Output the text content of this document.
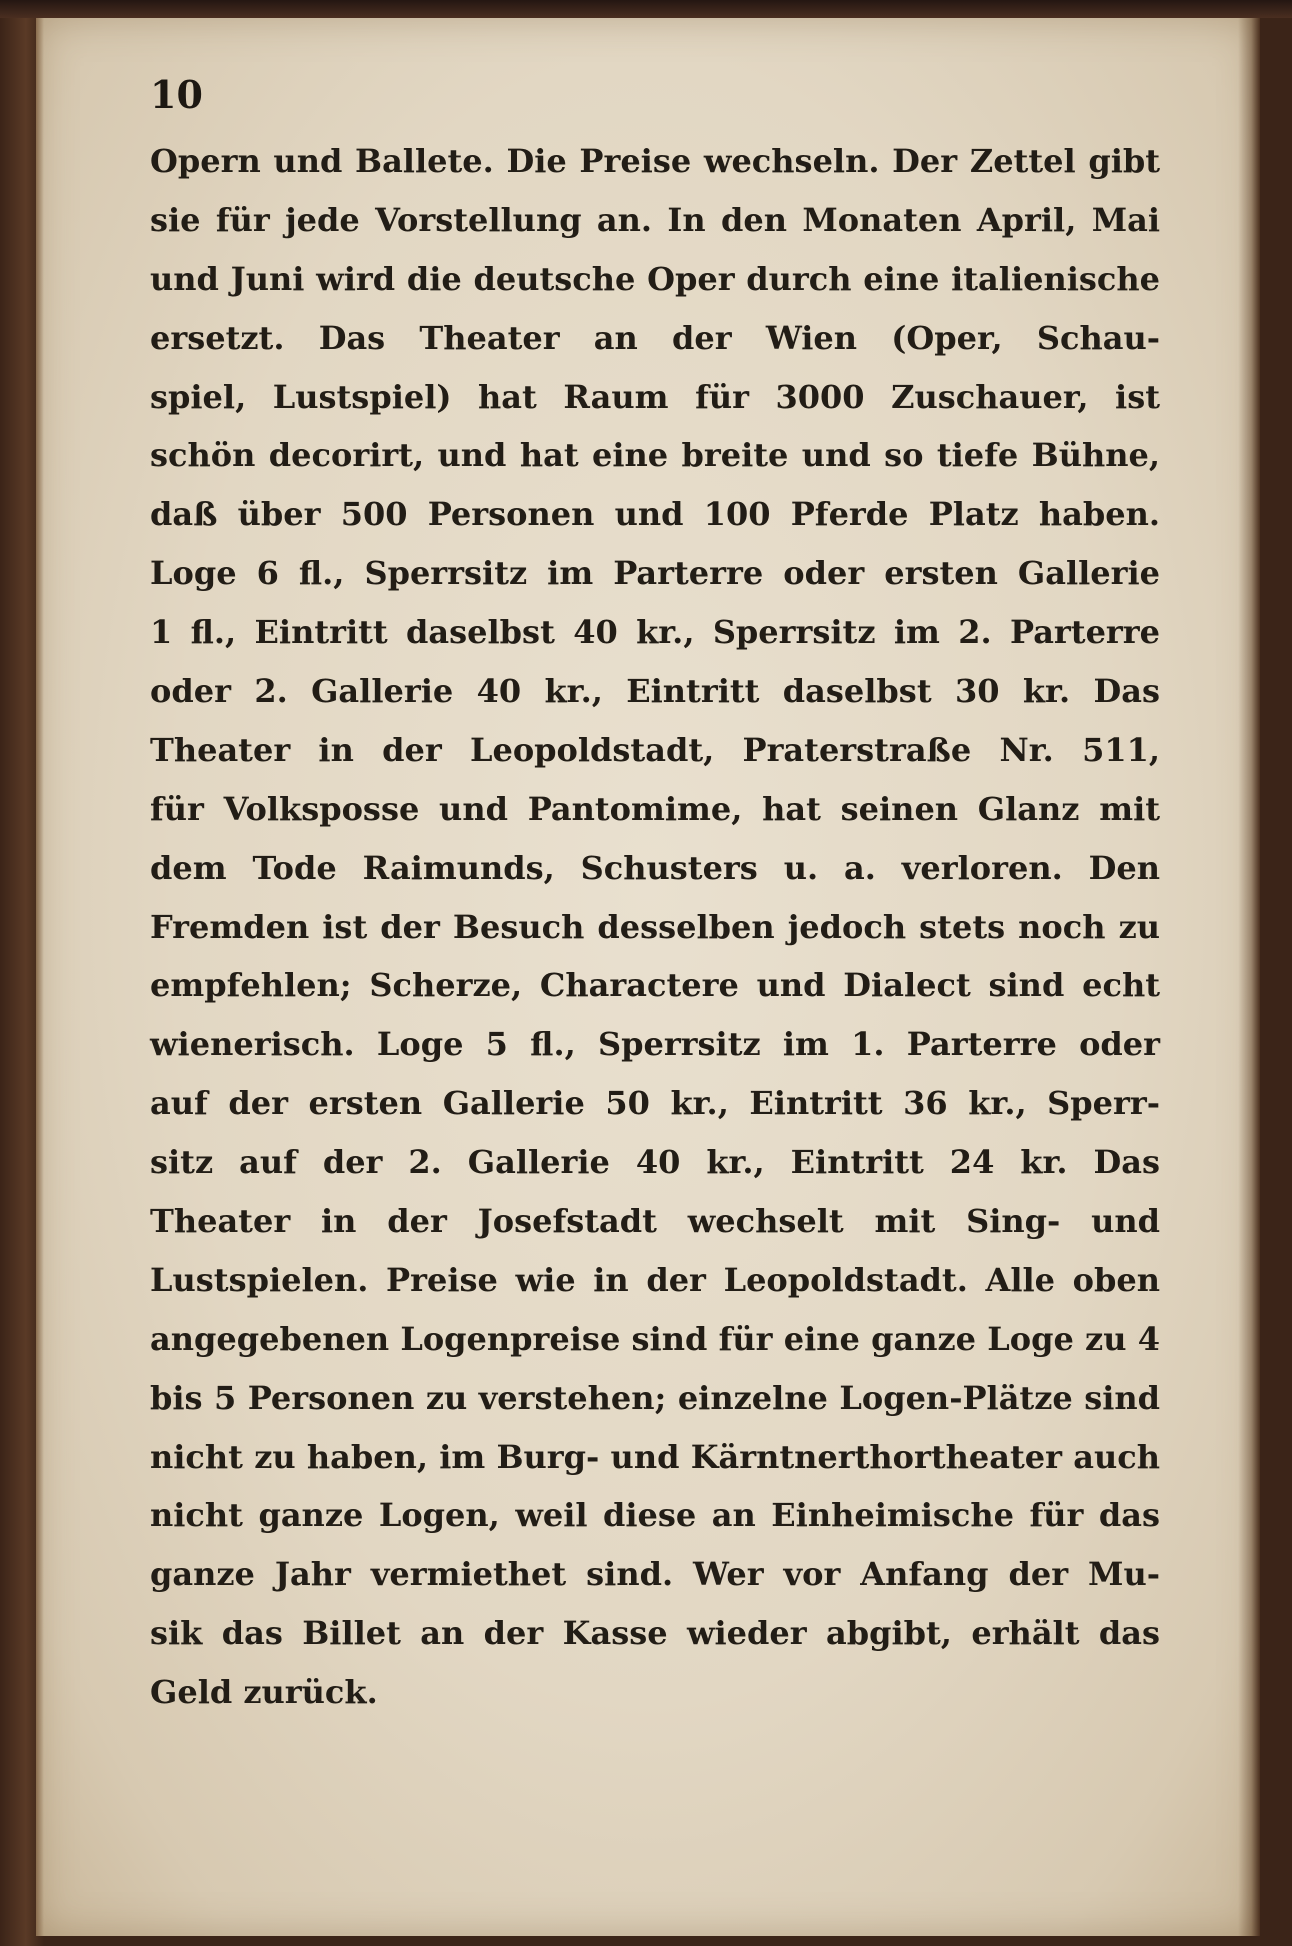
10
Opern und Ballete. Die Preise wechseln. Der Zettel gibt
sie für jede Vorstellung an. In den Monaten April, Mai
und Juni wird die deutsche Oper durch eine italienische
ersetzt. Das Theater an der Wien (Oper, Schau-
spiel, Lustspiel) hat Raum für 3000 Zuschauer, ist
schön decorirt, und hat eine breite und so tiefe Bühne,
daß über 500 Personen und 100 Pferde Platz haben.
Loge 6 fl., Sperrsitz im Parterre oder ersten Gallerie
1 fl., Eintritt daselbst 40 kr., Sperrsitz im 2. Parterre
oder 2. Gallerie 40 kr., Eintritt daselbst 30 kr. Das
Theater in der Leopoldstadt, Praterstraße Nr. 511,
für Volksposse und Pantomime, hat seinen Glanz mit
dem Tode Raimunds, Schusters u. a. verloren. Den
Fremden ist der Besuch desselben jedoch stets noch zu
empfehlen; Scherze, Charactere und Dialect sind echt
wienerisch. Loge 5 fl., Sperrsitz im 1. Parterre oder
auf der ersten Gallerie 50 kr., Eintritt 36 kr., Sperr-
sitz auf der 2. Gallerie 40 kr., Eintritt 24 kr. Das
Theater in der Josefstadt wechselt mit Sing- und
Lustspielen. Preise wie in der Leopoldstadt. Alle oben
angegebenen Logenpreise sind für eine ganze Loge zu 4
bis 5 Personen zu verstehen; einzelne Logen-Plätze sind
nicht zu haben, im Burg- und Kärntnerthortheater auch
nicht ganze Logen, weil diese an Einheimische für das
ganze Jahr vermiethet sind. Wer vor Anfang der Mu-
sik das Billet an der Kasse wieder abgibt, erhält das
Geld zurück.
